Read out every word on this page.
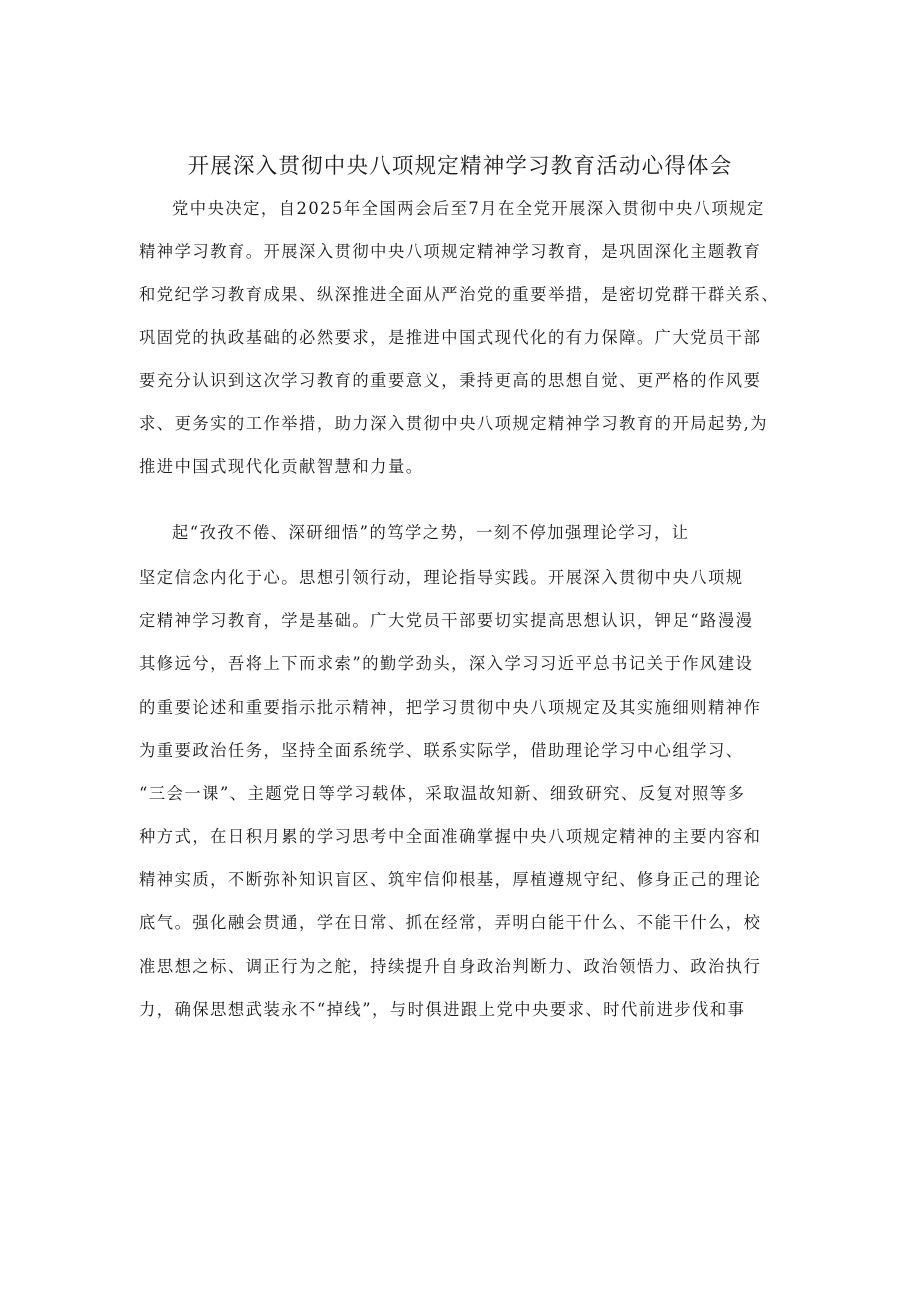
开展深入贯彻中央八项规定精神学习教育活动心得体会

党中央决定，自2025年全国两会后至7月在全党开展深入贯彻中央八项规定

精神学习教育。开展深入贯彻中央八项规定精神学习教育，是巩固深化主题教育

和党纪学习教育成果、纵深推进全面从严治党的重要举措，是密切党群干群关系、

巩固党的执政基础的必然要求，是推进中国式现代化的有力保障。广大党员干部

要充分认识到这次学习教育的重要意义，秉持更高的思想自觉、更严格的作风要

求、更务实的工作举措，助力深入贯彻中央八项规定精神学习教育的开局起势,为

推进中国式现代化贡献智慧和力量。

起“孜孜不倦、深研细悟”的笃学之势，一刻不停加强理论学习，让

坚定信念内化于心。思想引领行动，理论指导实践。开展深入贯彻中央八项规

定精神学习教育，学是基础。广大党员干部要切实提高思想认识，钾足“路漫漫

其修远兮，吾将上下而求索”的勤学劲头，深入学习习近平总书记关于作风建设

的重要论述和重要指示批示精神，把学习贯彻中央八项规定及其实施细则精神作

为重要政治任务，坚持全面系统学、联系实际学，借助理论学习中心组学习、

“三会一课”、主题党日等学习载体，采取温故知新、细致研究、反复对照等多

种方式，在日积月累的学习思考中全面准确掌握中央八项规定精神的主要内容和

精神实质，不断弥补知识盲区、筑牢信仰根基，厚植遵规守纪、修身正己的理论

底气。强化融会贯通，学在日常、抓在经常，弄明白能干什么、不能干什么，校

准思想之标、调正行为之舵，持续提升自身政治判断力、政治领悟力、政治执行

力，确保思想武装永不“掉线”，与时俱进跟上党中央要求、时代前进步伐和事
